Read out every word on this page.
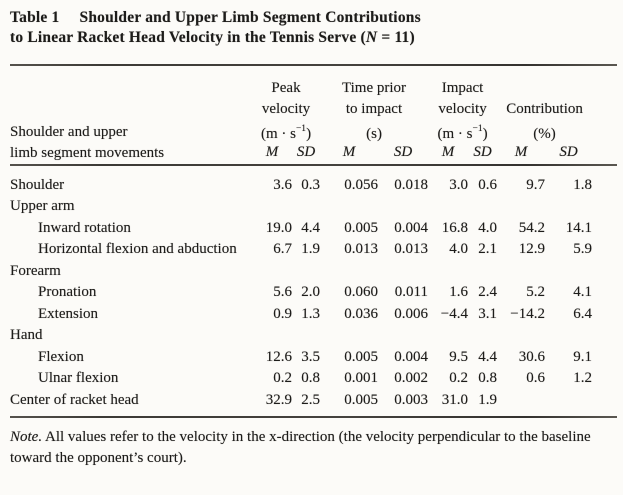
Table 1 Shoulder and Upper Limb Segment Contributions
to Linear Racket Head Velocity in the Tennis Serve (N = 11)
Shoulder and upper
limb segment movements

Peak
velocity
$(m \cdot s^{-1})$

Time prior
to impact
(s)

Impact
velocity
$(m \cdot s^{-1})$

Contribution
(%)

	M	SD	M	SD	M	SD	M	SD
Shoulder	3.6	0.3	0.056	0.018	3.0	0.6	9.7	1.8
Upper arm								
Inward rotation	19.0	4.4	0.005	0.004	16.8	4.0	54.2	14.1
Horizontal flexion and abduction	6.7	1.9	0.013	0.013	4.0	2.1	12.9	5.9
Forearm								
Pronation	5.6	2.0	0.060	0.011	1.6	2.4	5.2	4.1
Extension	0.9	1.3	0.036	0.006	−4.4	3.1	−14.2	6.4
Hand								
Flexion	12.6	3.5	0.005	0.004	9.5	4.4	30.6	9.1
Ulnar flexion	0.2	0.8	0.001	0.002	0.2	0.8	0.6	1.2
Center of racket head	32.9	2.5	0.005	0.003	31.0	1.9		
Note. All values refer to the velocity in the x-direction (the velocity perpendicular to the baseline toward the opponent’s court).
